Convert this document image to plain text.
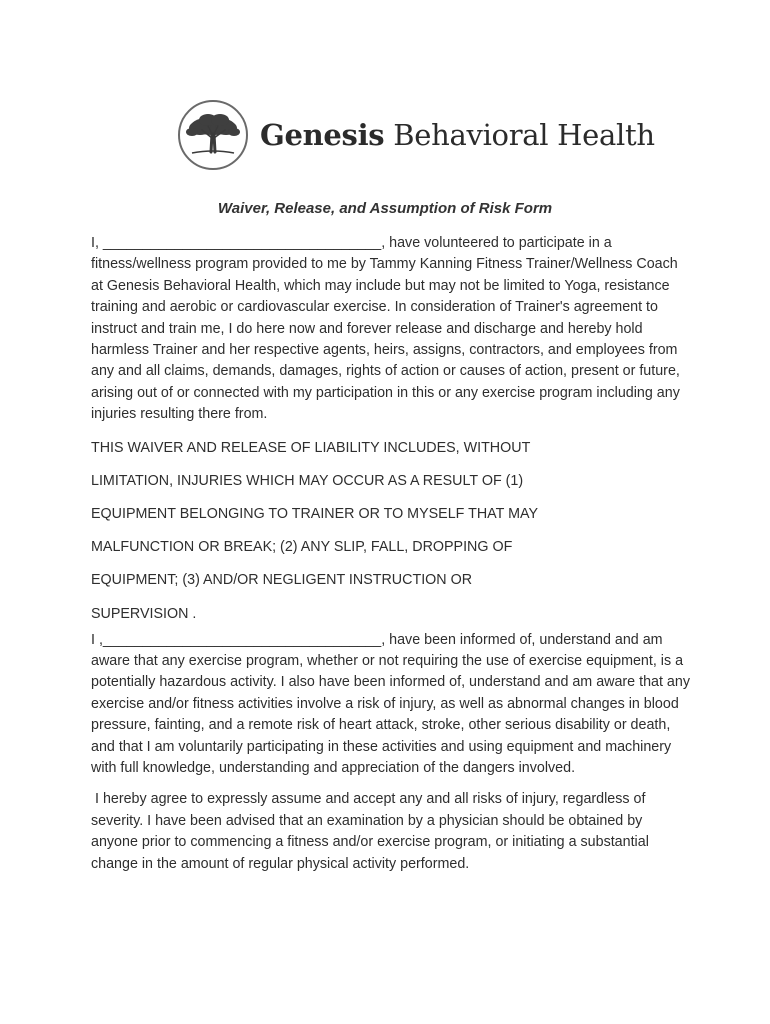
Genesis Behavioral Health
Waiver, Release, and Assumption of Risk Form

I, ___________________________________, have volunteered to participate in a fitness/wellness program provided to me by Tammy Kanning Fitness Trainer/Wellness Coach at Genesis Behavioral Health, which may include but may not be limited to Yoga, resistance training and aerobic or cardiovascular exercise. In consideration of Trainer's agreement to instruct and train me, I do here now and forever release and discharge and hereby hold harmless Trainer and her respective agents, heirs, assigns, contractors, and employees from any and all claims, demands, damages, rights of action or causes of action, present or future, arising out of or connected with my participation in this or any exercise program including any injuries resulting there from.

THIS WAIVER AND RELEASE OF LIABILITY INCLUDES, WITHOUT

LIMITATION, INJURIES WHICH MAY OCCUR AS A RESULT OF (1)

EQUIPMENT BELONGING TO TRAINER OR TO MYSELF THAT MAY

MALFUNCTION OR BREAK; (2) ANY SLIP, FALL, DROPPING OF

EQUIPMENT; (3) AND/OR NEGLIGENT INSTRUCTION OR

SUPERVISION .

I ,___________________________________, have been informed of, understand and am aware that any exercise program, whether or not requiring the use of exercise equipment, is a potentially hazardous activity. I also have been informed of, understand and am aware that any exercise and/or fitness activities involve a risk of injury, as well as abnormal changes in blood pressure, fainting, and a remote risk of heart attack, stroke, other serious disability or death, and that I am voluntarily participating in these activities and using equipment and machinery with full knowledge, understanding and appreciation of the dangers involved.

I hereby agree to expressly assume and accept any and all risks of injury, regardless of severity. I have been advised that an examination by a physician should be obtained by anyone prior to commencing a fitness and/or exercise program, or initiating a substantial change in the amount of regular physical activity performed.
